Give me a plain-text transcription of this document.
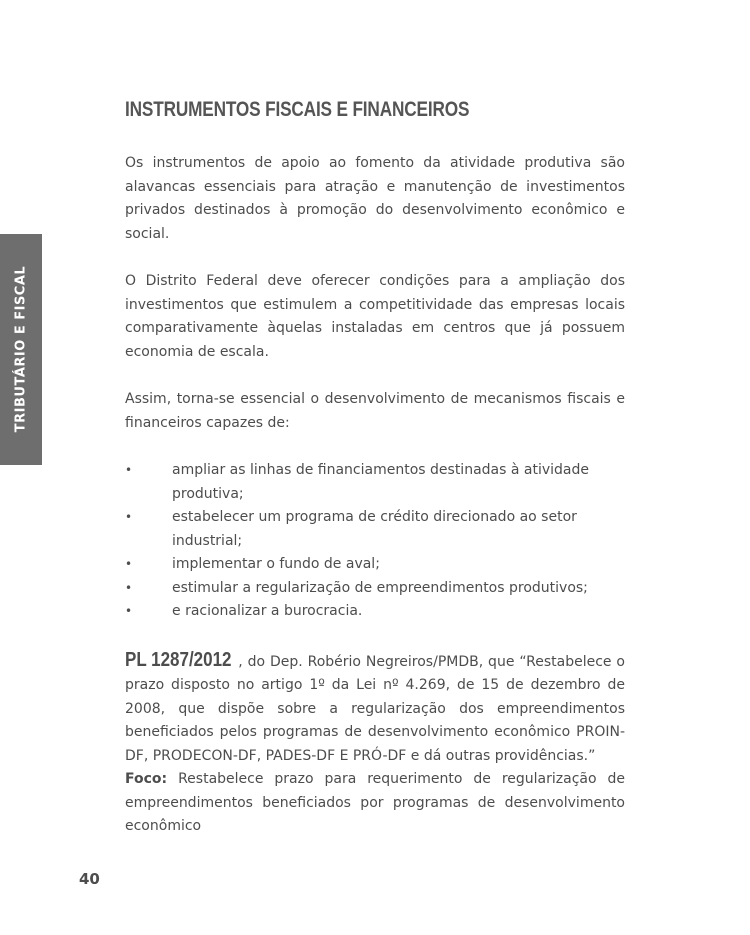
TRIBUTÁRIO E FISCAL
INSTRUMENTOS FISCAIS E FINANCEIROS

Os instrumentos de apoio ao fomento da atividade produtiva são alavancas essenciais para atração e manutenção de investimentos privados destinados à promoção do desenvolvimento econômico e social.

O Distrito Federal deve oferecer condições para a ampliação dos investimentos que estimulem a competitividade das empresas locais comparativamente àquelas instaladas em centros que já possuem economia de escala.

Assim, torna-se essencial o desenvolvimento de mecanismos fiscais e financeiros capazes de:

•	ampliar as linhas de financiamentos destinadas à atividade produtiva;
•	estabelecer um programa de crédito direcionado ao setor industrial;
•	implementar o fundo de aval;
•	estimular a regularização de empreendimentos produtivos;
•	e racionalizar a burocracia.
PL 1287/2012 , do Dep. Robério Negreiros/PMDB, que “Restabelece o prazo disposto no artigo 1º da Lei nº 4.269, de 15 de dezembro de 2008, que dispõe sobre a regularização dos empreendimentos beneficiados pelos programas de desenvolvimento econômico PROIN-DF, PRODECON-DF, PADES-DF E PRÓ-DF e dá outras providências.”
Foco: Restabelece prazo para requerimento de regularização de empreendimentos beneficiados por programas de desenvolvimento econômico
40
